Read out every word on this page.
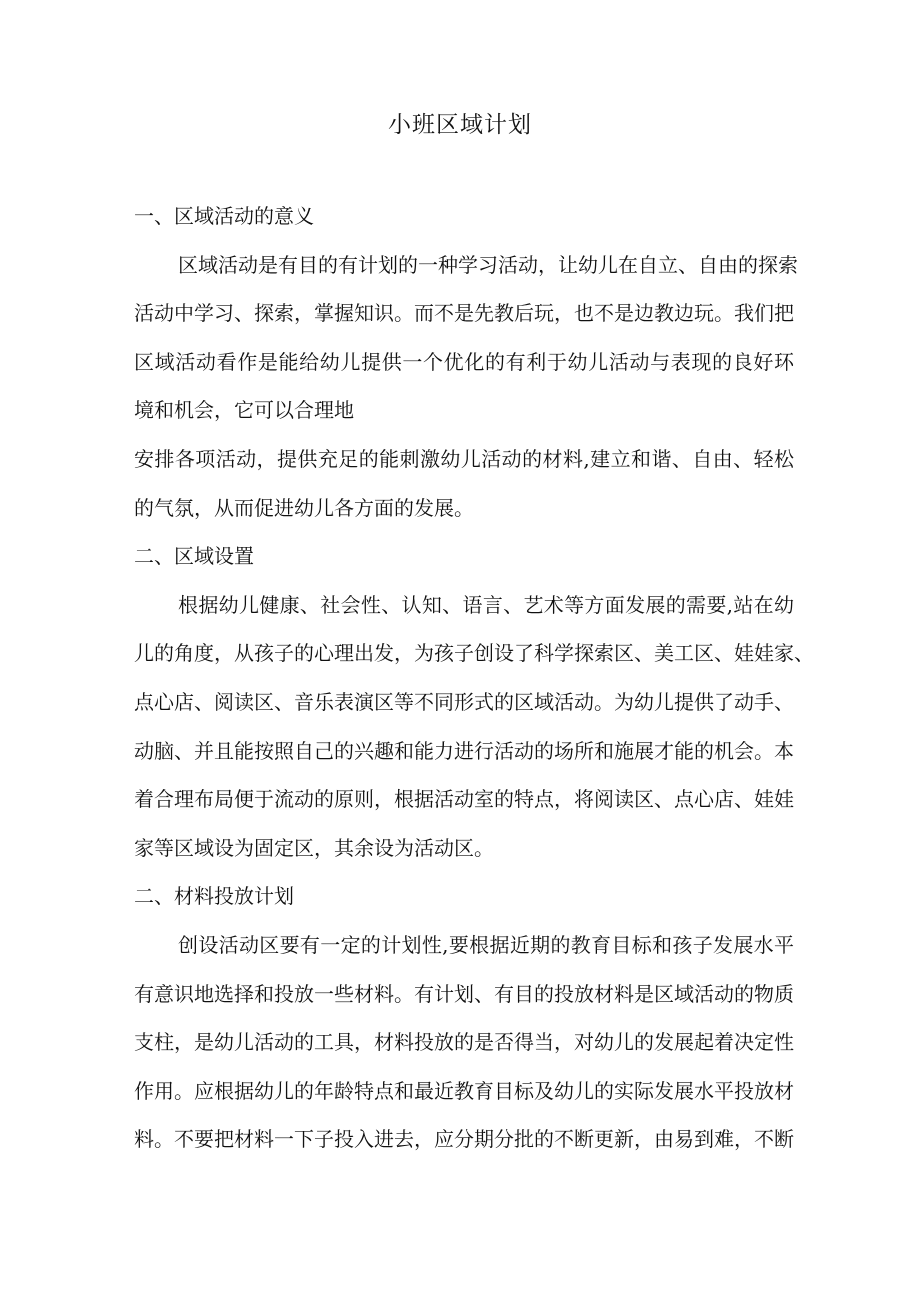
小班区域计划
一、区域活动的意义
区域活动是有目的有计划的一种学习活动，让幼儿在自立、自由的探索
活动中学习、探索，掌握知识。而不是先教后玩，也不是边教边玩。我们把
区域活动看作是能给幼儿提供一个优化的有利于幼儿活动与表现的良好环
境和机会，它可以合理地
安排各项活动，提供充足的能刺激幼儿活动的材料,建立和谐、自由、轻松
的气氛，从而促进幼儿各方面的发展。
二、区域设置
根据幼儿健康、社会性、认知、语言、艺术等方面发展的需要,站在幼
儿的角度，从孩子的心理出发，为孩子创设了科学探索区、美工区、娃娃家、
点心店、阅读区、音乐表演区等不同形式的区域活动。为幼儿提供了动手、
动脑、并且能按照自己的兴趣和能力进行活动的场所和施展才能的机会。本
着合理布局便于流动的原则，根据活动室的特点，将阅读区、点心店、娃娃
家等区域设为固定区，其余设为活动区。
二、材料投放计划
创设活动区要有一定的计划性,要根据近期的教育目标和孩子发展水平
有意识地选择和投放一些材料。有计划、有目的投放材料是区域活动的物质
支柱，是幼儿活动的工具，材料投放的是否得当，对幼儿的发展起着决定性
作用。应根据幼儿的年龄特点和最近教育目标及幼儿的实际发展水平投放材
料。不要把材料一下子投入进去，应分期分批的不断更新，由易到难，不断
